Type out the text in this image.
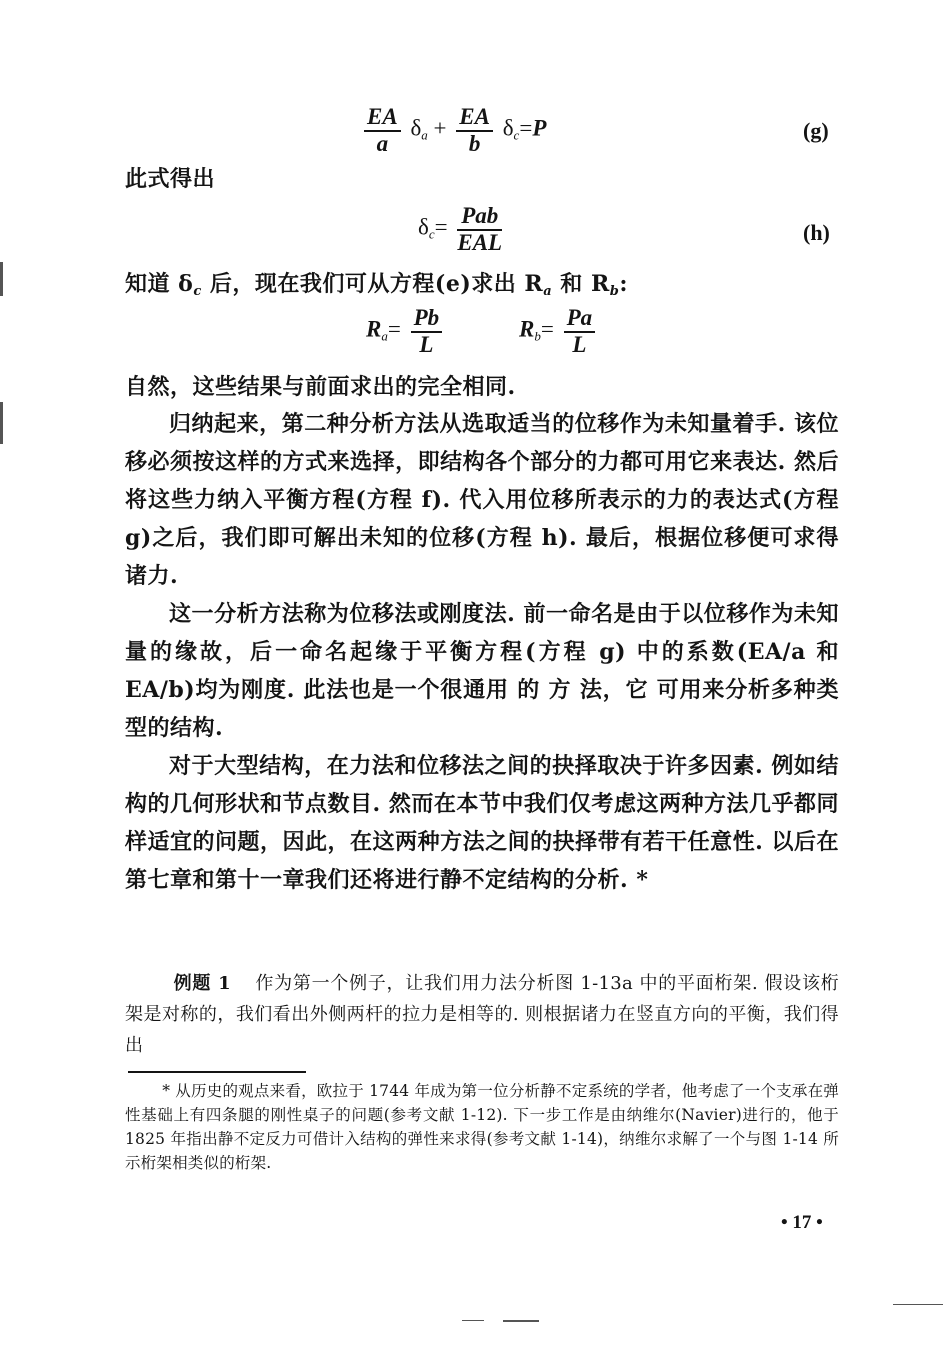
$\frac{EA}{a} \delta_a + \frac{EA}{b} \delta_c=P$	(g)
此式得出
$\delta_c= \frac{\text{Pab}}{\text{EAL}}$	(h)
知道 $\delta_c$ 后，现在我们可从方程(e)求出 $R_a$ 和 $R_b$:
$R_a= \frac{Pb}{L}$	$R_b= \frac{Pa}{L}$
自然，这些结果与前面求出的完全相同.

归纳起来，第二种分析方法从选取适当的位移作为未知量着手. 该位移必须按这样的方式来选择，即结构各个部分的力都可用它来表达. 然后将这些力纳入平衡方程(方程 f). 代入用位移所表示的力的表达式(方程 g)之后，我们即可解出未知的位移(方程 h). 最后，根据位移便可求得诸力.

这一分析方法称为位移法或刚度法. 前一命名是由于以位移作为未知量的缘故，后一命名起缘于平衡方程(方程 g) 中的系数(EA/a 和 EA/b)均为刚度. 此法也是一个很通用 的 方 法，它 可用来分析多种类型的结构.

对于大型结构，在力法和位移法之间的抉择取决于许多因素. 例如结构的几何形状和节点数目. 然而在本节中我们仅考虑这两种方法几乎都同样适宜的问题，因此，在这两种方法之间的抉择带有若干任意性. 以后在第七章和第十一章我们还将进行静不定结构的分析. *

例题 1 作为第一个例子，让我们用力法分析图 1-13a 中的平面桁架. 假设该桁架是对称的，我们看出外侧两杆的拉力是相等的. 则根据诸力在竖直方向的平衡，我们得出

* 从历史的观点来看，欧拉于 1744 年成为第一位分析静不定系统的学者，他考虑了一个支承在弹性基础上有四条腿的刚性桌子的问题(参考文献 1-12). 下一步工作是由纳维尔(Navier)进行的，他于 1825 年指出静不定反力可借计入结构的弹性来求得(参考文献 1-14)，纳维尔求解了一个与图 1-14 所示桁架相类似的桁架.

• 17 •
